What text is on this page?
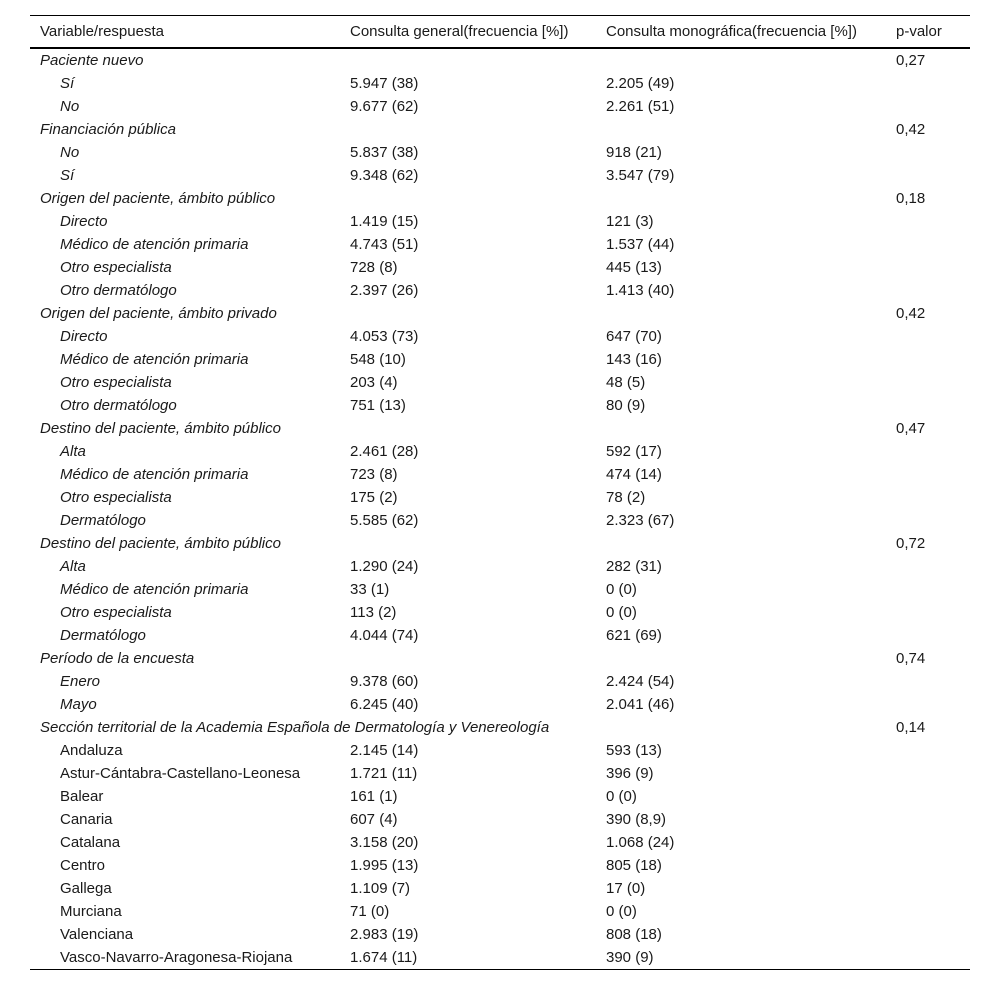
Variable/respuesta	Consulta general(frecuencia [%])	Consulta monográfica(frecuencia [%])	p-valor
Paciente nuevo			0,27
Sí	5.947 (38)	2.205 (49)	
No	9.677 (62)	2.261 (51)	
Financiación pública			0,42
No	5.837 (38)	918 (21)	
Sí	9.348 (62)	3.547 (79)	
Origen del paciente, ámbito público			0,18
Directo	1.419 (15)	121 (3)	
Médico de atención primaria	4.743 (51)	1.537 (44)	
Otro especialista	728 (8)	445 (13)	
Otro dermatólogo	2.397 (26)	1.413 (40)	
Origen del paciente, ámbito privado			0,42
Directo	4.053 (73)	647 (70)	
Médico de atención primaria	548 (10)	143 (16)	
Otro especialista	203 (4)	48 (5)	
Otro dermatólogo	751 (13)	80 (9)	
Destino del paciente, ámbito público			0,47
Alta	2.461 (28)	592 (17)	
Médico de atención primaria	723 (8)	474 (14)	
Otro especialista	175 (2)	78 (2)	
Dermatólogo	5.585 (62)	2.323 (67)	
Destino del paciente, ámbito público			0,72
Alta	1.290 (24)	282 (31)	
Médico de atención primaria	33 (1)	0 (0)	
Otro especialista	113 (2)	0 (0)	
Dermatólogo	4.044 (74)	621 (69)	
Período de la encuesta			0,74
Enero	9.378 (60)	2.424 (54)	
Mayo	6.245 (40)	2.041 (46)	
Sección territorial de la Academia Española de Dermatología y Venereología			0,14
Andaluza	2.145 (14)	593 (13)	
Astur-Cántabra-Castellano-Leonesa	1.721 (11)	396 (9)	
Balear	161 (1)	0 (0)	
Canaria	607 (4)	390 (8,9)	
Catalana	3.158 (20)	1.068 (24)	
Centro	1.995 (13)	805 (18)	
Gallega	1.109 (7)	17 (0)	
Murciana	71 (0)	0 (0)	
Valenciana	2.983 (19)	808 (18)	
Vasco-Navarro-Aragonesa-Riojana	1.674 (11)	390 (9)	
